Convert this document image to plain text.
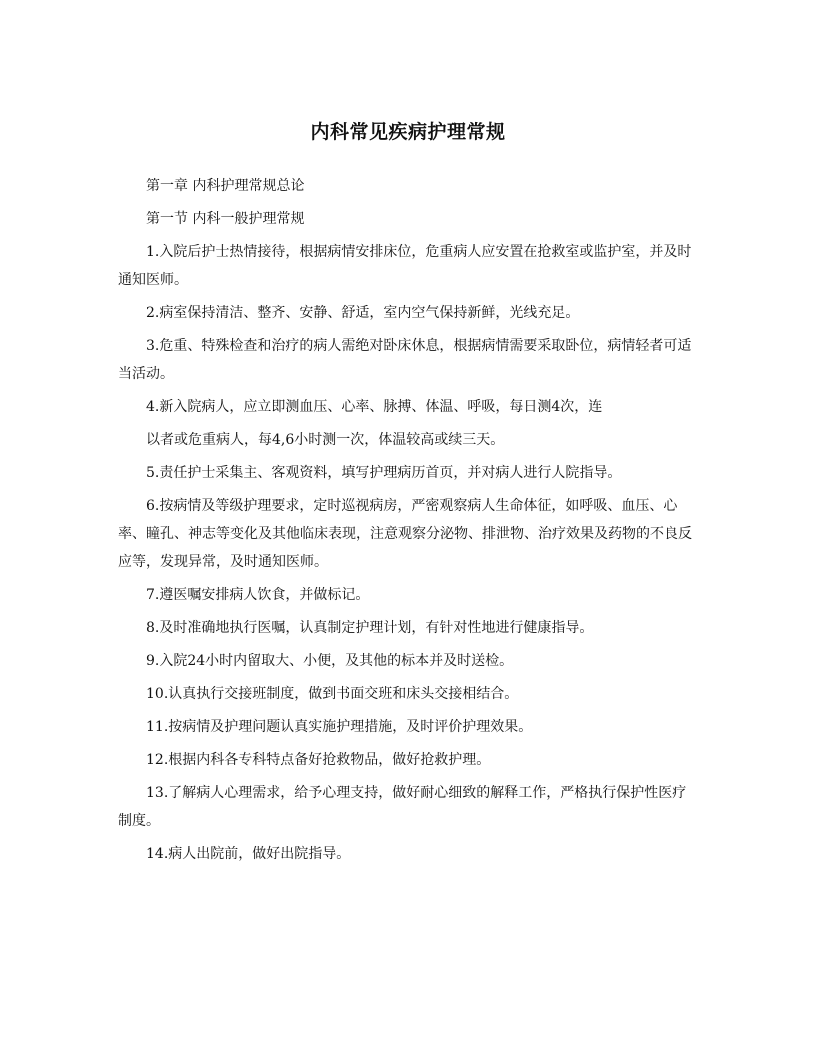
内科常见疾病护理常规

第一章 内科护理常规总论

第一节 内科一般护理常规

1.入院后护士热情接待，根据病情安排床位，危重病人应安置在抢救室或监护室，并及时通知医师。

2.病室保持清洁、整齐、安静、舒适，室内空气保持新鲜，光线充足。

3.危重、特殊检查和治疗的病人需绝对卧床休息，根据病情需要采取卧位，病情轻者可适当活动。

4.新入院病人，应立即测血压、心率、脉搏、体温、呼吸，每日测4次，连

以者或危重病人，每4,6小时测一次，体温较高或续三天。

5.责任护士采集主、客观资料，填写护理病历首页，并对病人进行人院指导。

6.按病情及等级护理要求，定时巡视病房，严密观察病人生命体征，如呼吸、血压、心率、瞳孔、神志等变化及其他临床表现，注意观察分泌物、排泄物、治疗效果及药物的不良反应等，发现异常，及时通知医师。

7.遵医嘱安排病人饮食，并做标记。

8.及时准确地执行医嘱，认真制定护理计划，有针对性地进行健康指导。

9.入院24小时内留取大、小便，及其他的标本并及时送检。

10.认真执行交接班制度，做到书面交班和床头交接相结合。

11.按病情及护理问题认真实施护理措施，及时评价护理效果。

12.根据内科各专科特点备好抢救物品，做好抢救护理。

13.了解病人心理需求，给予心理支持，做好耐心细致的解释工作，严格执行保护性医疗制度。

14.病人出院前，做好出院指导。
